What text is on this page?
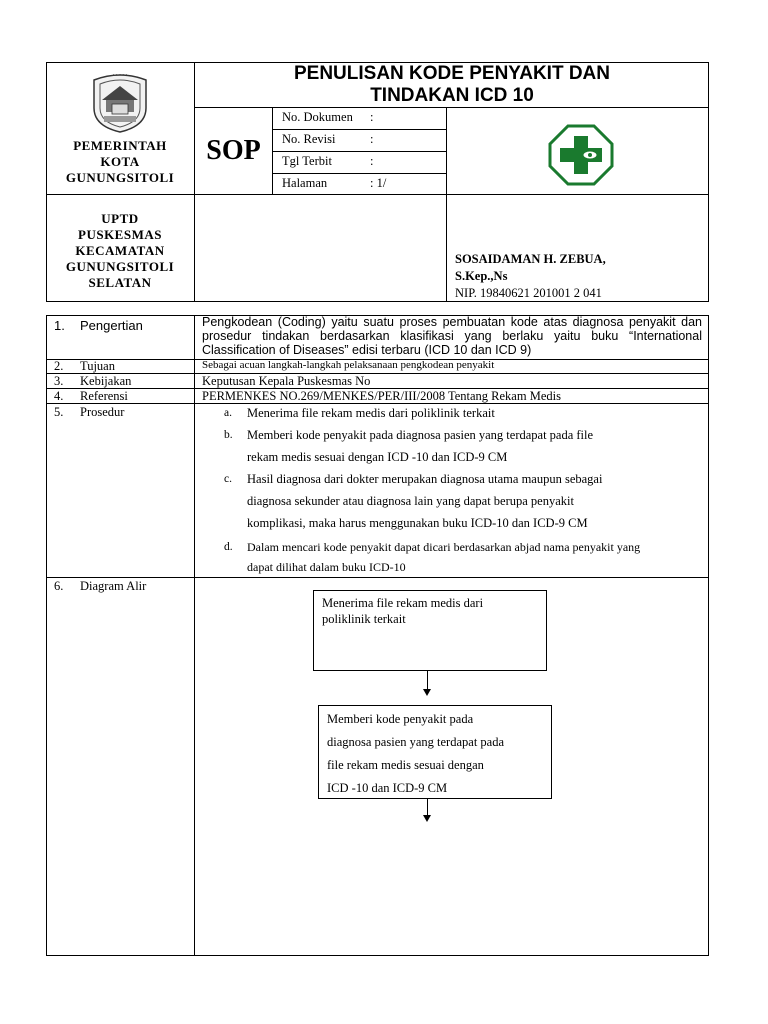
· · · · ·
PEMERINTAH
KOTA
GUNUNGSITOLI
PENULISAN KODE PENYAKIT DAN
TINDAKAN ICD 10
SOP
No. Dokumen :
No. Revisi	:
Tgl Terbit	:
Halaman	: 1/
UPTD
PUSKESMAS
KECAMATAN
GUNUNGSITOLI
SELATAN
SOSAIDAMAN H. ZEBUA,
S.Kep.,Ns
NIP. 19840621 201001 2 041
1. Pengertian	Pengkodean (Coding) yaitu suatu proses pembuatan kode atas diagnosa penyakit dan prosedur tindakan berdasarkan klasifikasi yang berlaku yaitu buku “International Classification of Diseases” edisi terbaru (ICD 10 dan ICD 9)
2. Tujuan	Sebagai acuan langkah-langkah pelaksanaan pengkodean penyakit
3. Kebijakan	Keputusan Kepala Puskesmas No
4. Referensi	PERMENKES NO.269/MENKES/PER/III/2008 Tentang Rekam Medis
5. Prosedur	a. Menerima file rekam medis dari poliklinik terkait
b. Memberi kode penyakit pada diagnosa pasien yang terdapat pada file
rekam medis sesuai dengan ICD -10 dan ICD-9 CM
c. Hasil diagnosa dari dokter merupakan diagnosa utama maupun sebagai
diagnosa sekunder atau diagnosa lain yang dapat berupa penyakit
komplikasi, maka harus menggunakan buku ICD-10 dan ICD-9 CM
d. Dalam mencari kode penyakit dapat dicari berdasarkan abjad nama penyakit yang
dapat dilihat dalam buku ICD-10
6. Diagram Alir
Menerima file rekam medis dari
poliklinik terkait
Memberi kode penyakit pada
diagnosa pasien yang terdapat pada
file rekam medis sesuai dengan
ICD -10 dan ICD-9 CM
